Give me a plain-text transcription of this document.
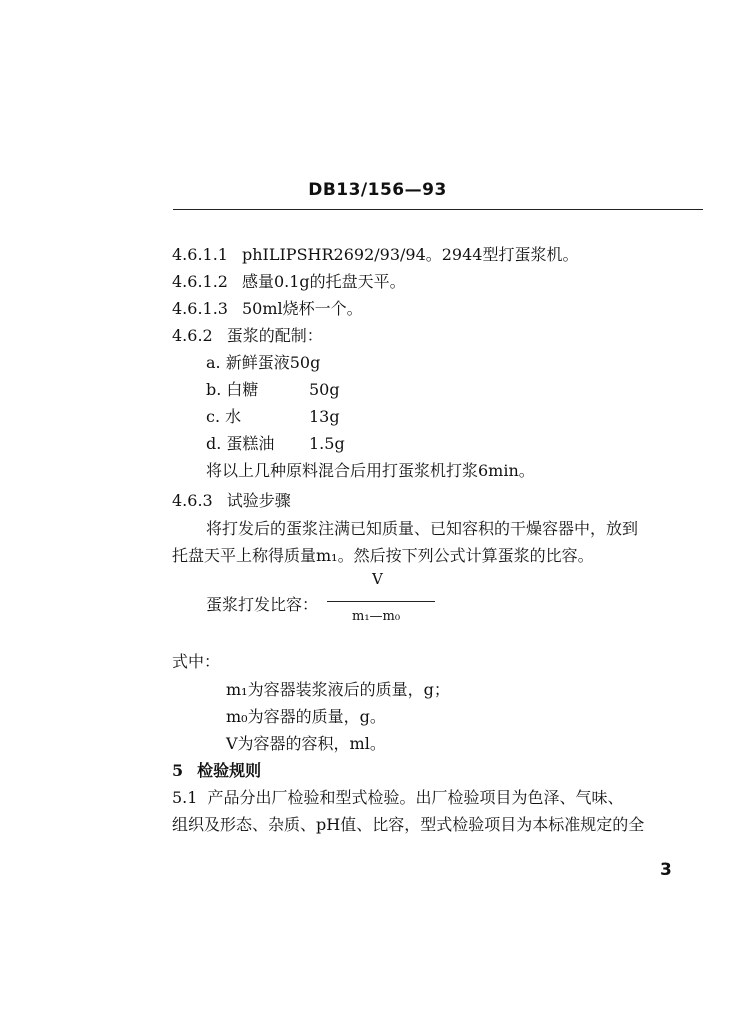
DB13/156—93
4.6.1.1 phILIPSHR2692/93/94。2944型打蛋浆机。
4.6.1.2 感量0.1g的托盘天平。
4.6.1.3 50ml烧杯一个。
4.6.2 蛋浆的配制：
a. 新鲜蛋液50g
b. 白糖	50g
c. 水	13g
d. 蛋糕油 1.5g
将以上几种原料混合后用打蛋浆机打浆6min。
4.6.3 试验步骤
将打发后的蛋浆注满已知质量、已知容积的干燥容器中，放到
托盘天平上称得质量m₁。然后按下列公式计算蛋浆的比容。
V
蛋浆打发比容：
m₁—m₀
式中：
m₁为容器装浆液后的质量，g；
m₀为容器的质量，g。
V为容器的容积，ml。
5 检验规则
5.1 产品分出厂检验和型式检验。出厂检验项目为色泽、气味、
组织及形态、杂质、pH值、比容，型式检验项目为本标准规定的全
3
